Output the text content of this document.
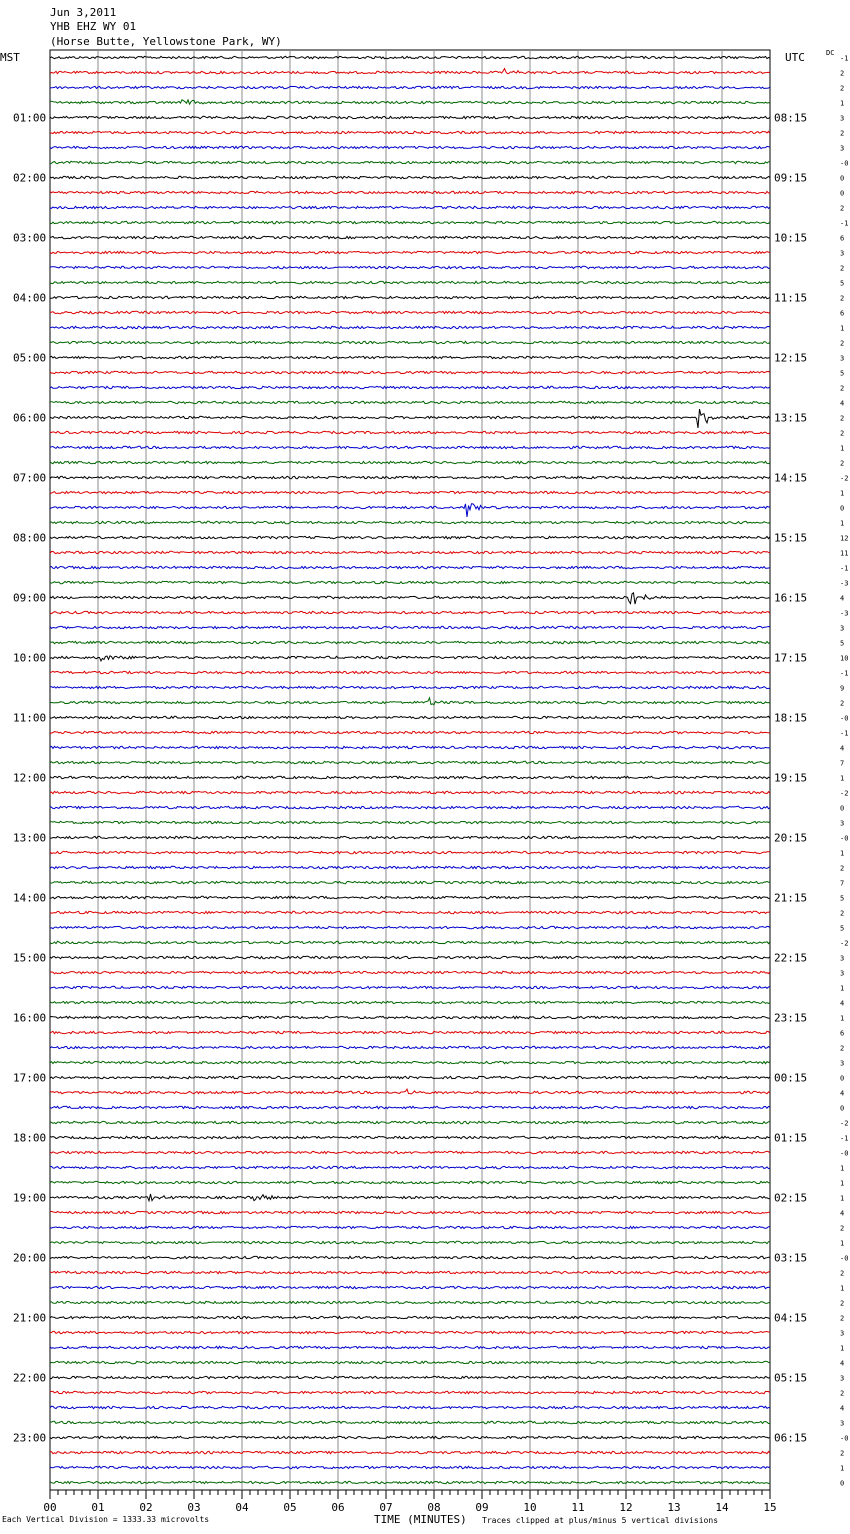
Jun 3,2011
YHB EHZ WY 01
(Horse Butte, Yellowstone Park, WY)
MST	UTC	DC
-1
2
2
1
3
2
3
-0
0
0
2
-1
6
3
2
5
2
6
1
2
3
5
2
4
2
2
1
2
-2
1
0
1
12
11
-1
-3
4
-3
3
5
10
-1
9
2
-0
-1
4
7
1
-2
0
3
-0
1
2
7
5
2
5
-2
3
3
1
4
1
6
2
3
0
4
0
-2
-1
-0
1
1
1
4
2
1
-0
2
1
2
2
3
1
4
3
2
4
3
-0
2
1
0
01:00	08:15
02:00	09:15
03:00	10:15
04:00	11:15
05:00	12:15
06:00	13:15
07:00	14:15
08:00	15:15
09:00	16:15
10:00	17:15
11:00	18:15
12:00	19:15
13:00	20:15
14:00	21:15
15:00	22:15
16:00	23:15
17:00	00:15
18:00	01:15
19:00	02:15
20:00	03:15
21:00	04:15
22:00	05:15
23:00	06:15
00	01	02	03	04	05	06	07	08	09	10	11	12	13	14	15
Each Vertical Division = 1333.33 microvolts	TIME (MINUTES) Traces clipped at plus/minus 5 vertical divisions
